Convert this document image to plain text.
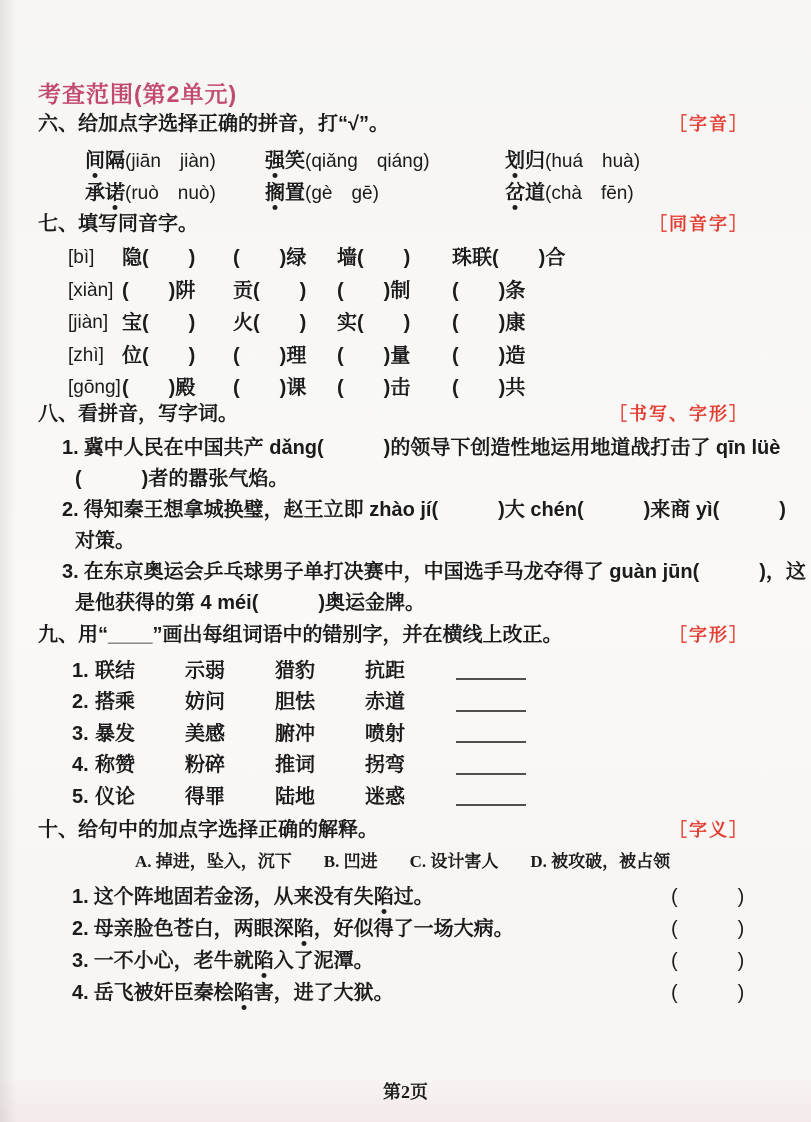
考查范围(第2单元)
六、给加点字选择正确的拼音，打“√”。	［字音］
间隔(jiān　jiàn)	强笑(qiǎng　qiáng)	划归(huá　huà)
承诺(ruò　nuò)	搁置(gè　gē)	岔道(chà　fēn)
七、填写同音字。	［同音字］
[bì]	隐(　　)	(　　)绿	墙(　　)	珠联(　　)合
[xiàn] (　　)阱	贡(　　)	(　　)制	(　　)条
[jiàn] 宝(　　)	火(　　)	实(　　)	(　　)康
[zhì] 位(　　)	(　　)理	(　　)量	(　　)造
[gōng] (　　)殿	(　　)课	(　　)击	(　　)共
八、看拼音，写字词。	［书写、字形］
1. 冀中人民在中国共产 dǎng(　　　)的领导下创造性地运用地道战打击了 qīn lüè
(　　　)者的嚣张气焰。
2. 得知秦王想拿城换璧，赵王立即 zhào jí(　　　)大 chén(　　　)来商 yì(　　　)
对策。
3. 在东京奥运会乒乓球男子单打决赛中，中国选手马龙夺得了 guàn jūn(　　　)，这
是他获得的第 4 méi(　　　)奥运金牌。
九、用“____”画出每组词语中的错别字，并在横线上改正。	［字形］
1. 联结	示弱	猎豹	抗距
2. 搭乘	妨问	胆怯	赤道
3. 暴发	美感	腑冲	喷射
4. 称赞	粉碎	推词	拐弯
5. 仪论	得罪	陆地	迷惑
十、给句中的加点字选择正确的解释。	［字义］
A. 掉进，坠入，沉下 B. 凹进 C. 设计害人 D. 被攻破，被占领
1. 这个阵地固若金汤，从来没有失陷过。	(　　　)
2. 母亲脸色苍白，两眼深陷，好似得了一场大病。	(　　　)
3. 一不小心，老牛就陷入了泥潭。	(　　　)
4. 岳飞被奸臣秦桧陷害，进了大狱。	(　　　)
第2页
